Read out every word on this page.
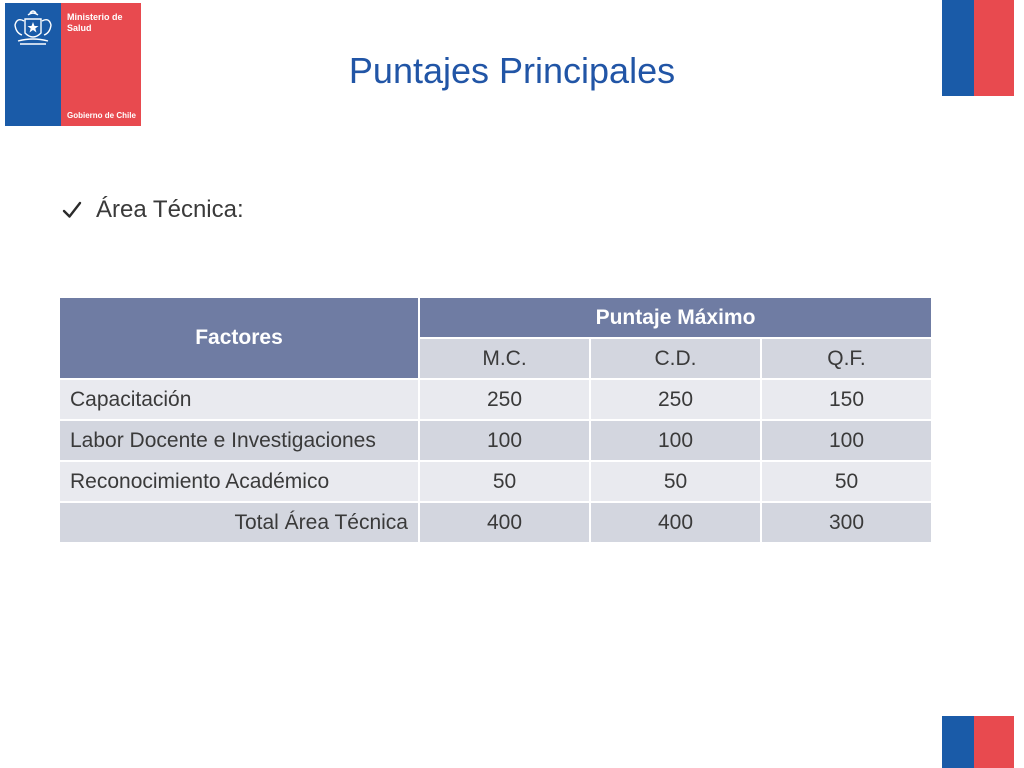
Ministerio de Salud
Gobierno de Chile
Puntajes Principales
Área Técnica:
Factores	Puntaje Máximo		
	M.C.	C.D.	Q.F.
Capacitación	250	250	150
Labor Docente e Investigaciones	100	100	100
Reconocimiento Académico	50	50	50
Total Área Técnica	400	400	300
